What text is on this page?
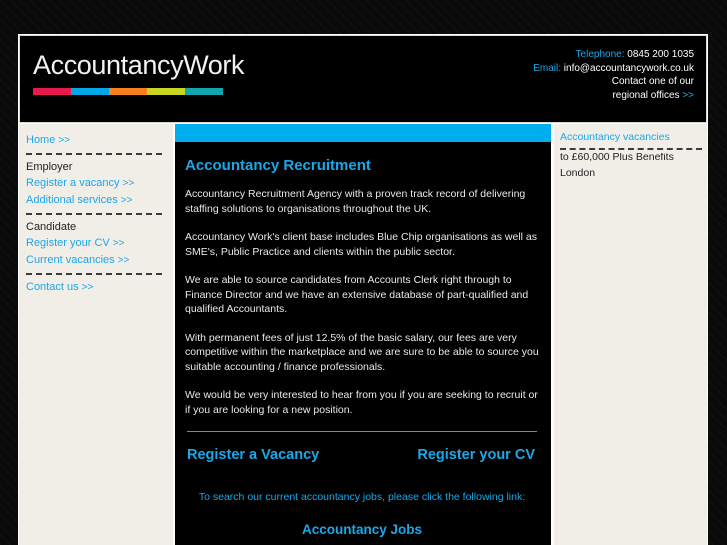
AccountancyWork	Telephone: 0845 200 1035
Email: info@accountancywork.co.uk
Contact one of our
regional offices >>
Home >>
Employer
Register a vacancy >>
Additional services >>
Candidate
Register your CV >>
Current vacancies >>
Contact us >>
Accountancy Recruitment

Accountancy Recruitment Agency with a proven track record of delivering staffing solutions to organisations throughout the UK.

Accountancy Work's client base includes Blue Chip organisations as well as SME's, Public Practice and clients within the public sector.

We are able to source candidates from Accounts Clerk right through to Finance Director and we have an extensive database of part-qualified and qualified Accountants.

With permanent fees of just 12.5% of the basic salary, our fees are very competitive within the marketplace and we are sure to be able to source you suitable accounting / finance professionals.

We would be very interested to hear from you if you are seeking to recruit or if you are looking for a new position.

Register a Vacancy	Register your CV

To search our current accountancy jobs, please click the following link:

Accountancy Jobs
Accountancy vacancies
to £60,000 Plus Benefits
London
